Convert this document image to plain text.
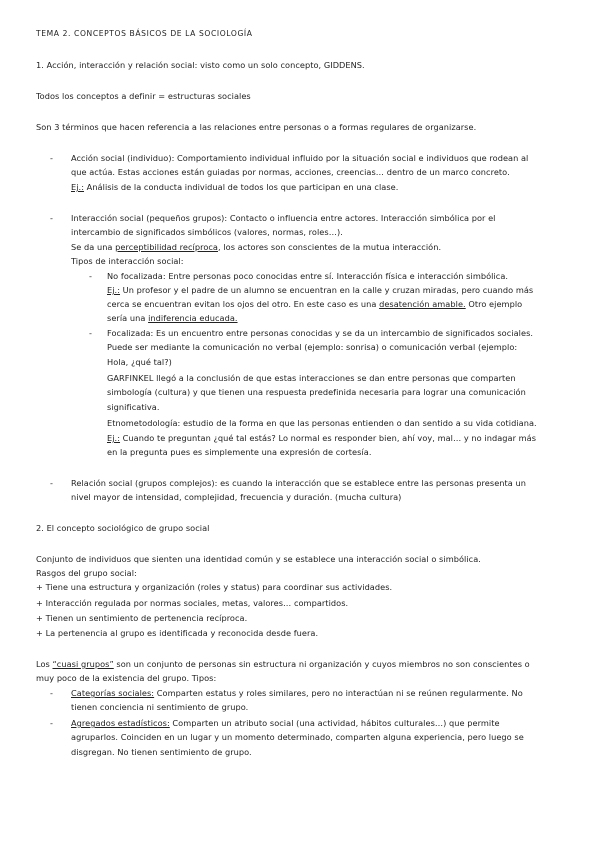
TEMA 2. CONCEPTOS BÁSICOS DE LA SOCIOLOGÍA
1. Acción, interacción y relación social: visto como un solo concepto, GIDDENS.
Todos los conceptos a definir = estructuras sociales
Son 3 términos que hacen referencia a las relaciones entre personas o a formas regulares de organizarse.
- Acción social (individuo): Comportamiento individual influido por la situación social e individuos que rodean al
que actúa. Estas acciones están guiadas por normas, acciones, creencias… dentro de un marco concreto.
Ej.: Análisis de la conducta individual de todos los que participan en una clase.
- Interacción social (pequeños grupos): Contacto o influencia entre actores. Interacción simbólica por el
intercambio de significados simbólicos (valores, normas, roles…).
Se da una perceptibilidad recíproca, los actores son conscientes de la mutua interacción.
Tipos de interacción social:
- No focalizada: Entre personas poco conocidas entre sí. Interacción física e interacción simbólica.
Ej.: Un profesor y el padre de un alumno se encuentran en la calle y cruzan miradas, pero cuando más
cerca se encuentran evitan los ojos del otro. En este caso es una desatención amable. Otro ejemplo
sería una indiferencia educada.
- Focalizada: Es un encuentro entre personas conocidas y se da un intercambio de significados sociales.
Puede ser mediante la comunicación no verbal (ejemplo: sonrisa) o comunicación verbal (ejemplo:
Hola, ¿qué tal?)
GARFINKEL llegó a la conclusión de que estas interacciones se dan entre personas que comparten
simbología (cultura) y que tienen una respuesta predefinida necesaria para lograr una comunicación
significativa.
Etnometodología: estudio de la forma en que las personas entienden o dan sentido a su vida cotidiana.
Ej.: Cuando te preguntan ¿qué tal estás? Lo normal es responder bien, ahí voy, mal… y no indagar más
en la pregunta pues es simplemente una expresión de cortesía.
- Relación social (grupos complejos): es cuando la interacción que se establece entre las personas presenta un
nivel mayor de intensidad, complejidad, frecuencia y duración. (mucha cultura)
2. El concepto sociológico de grupo social
Conjunto de individuos que sienten una identidad común y se establece una interacción social o simbólica.
Rasgos del grupo social:
+ Tiene una estructura y organización (roles y status) para coordinar sus actividades.
+ Interacción regulada por normas sociales, metas, valores… compartidos.
+ Tienen un sentimiento de pertenencia recíproca.
+ La pertenencia al grupo es identificada y reconocida desde fuera.
Los “cuasi grupos” son un conjunto de personas sin estructura ni organización y cuyos miembros no son conscientes o
muy poco de la existencia del grupo. Tipos:
- Categorías sociales: Comparten estatus y roles similares, pero no interactúan ni se reúnen regularmente. No
tienen conciencia ni sentimiento de grupo.
- Agregados estadísticos: Comparten un atributo social (una actividad, hábitos culturales…) que permite
agruparlos. Coinciden en un lugar y un momento determinado, comparten alguna experiencia, pero luego se
disgregan. No tienen sentimiento de grupo.
